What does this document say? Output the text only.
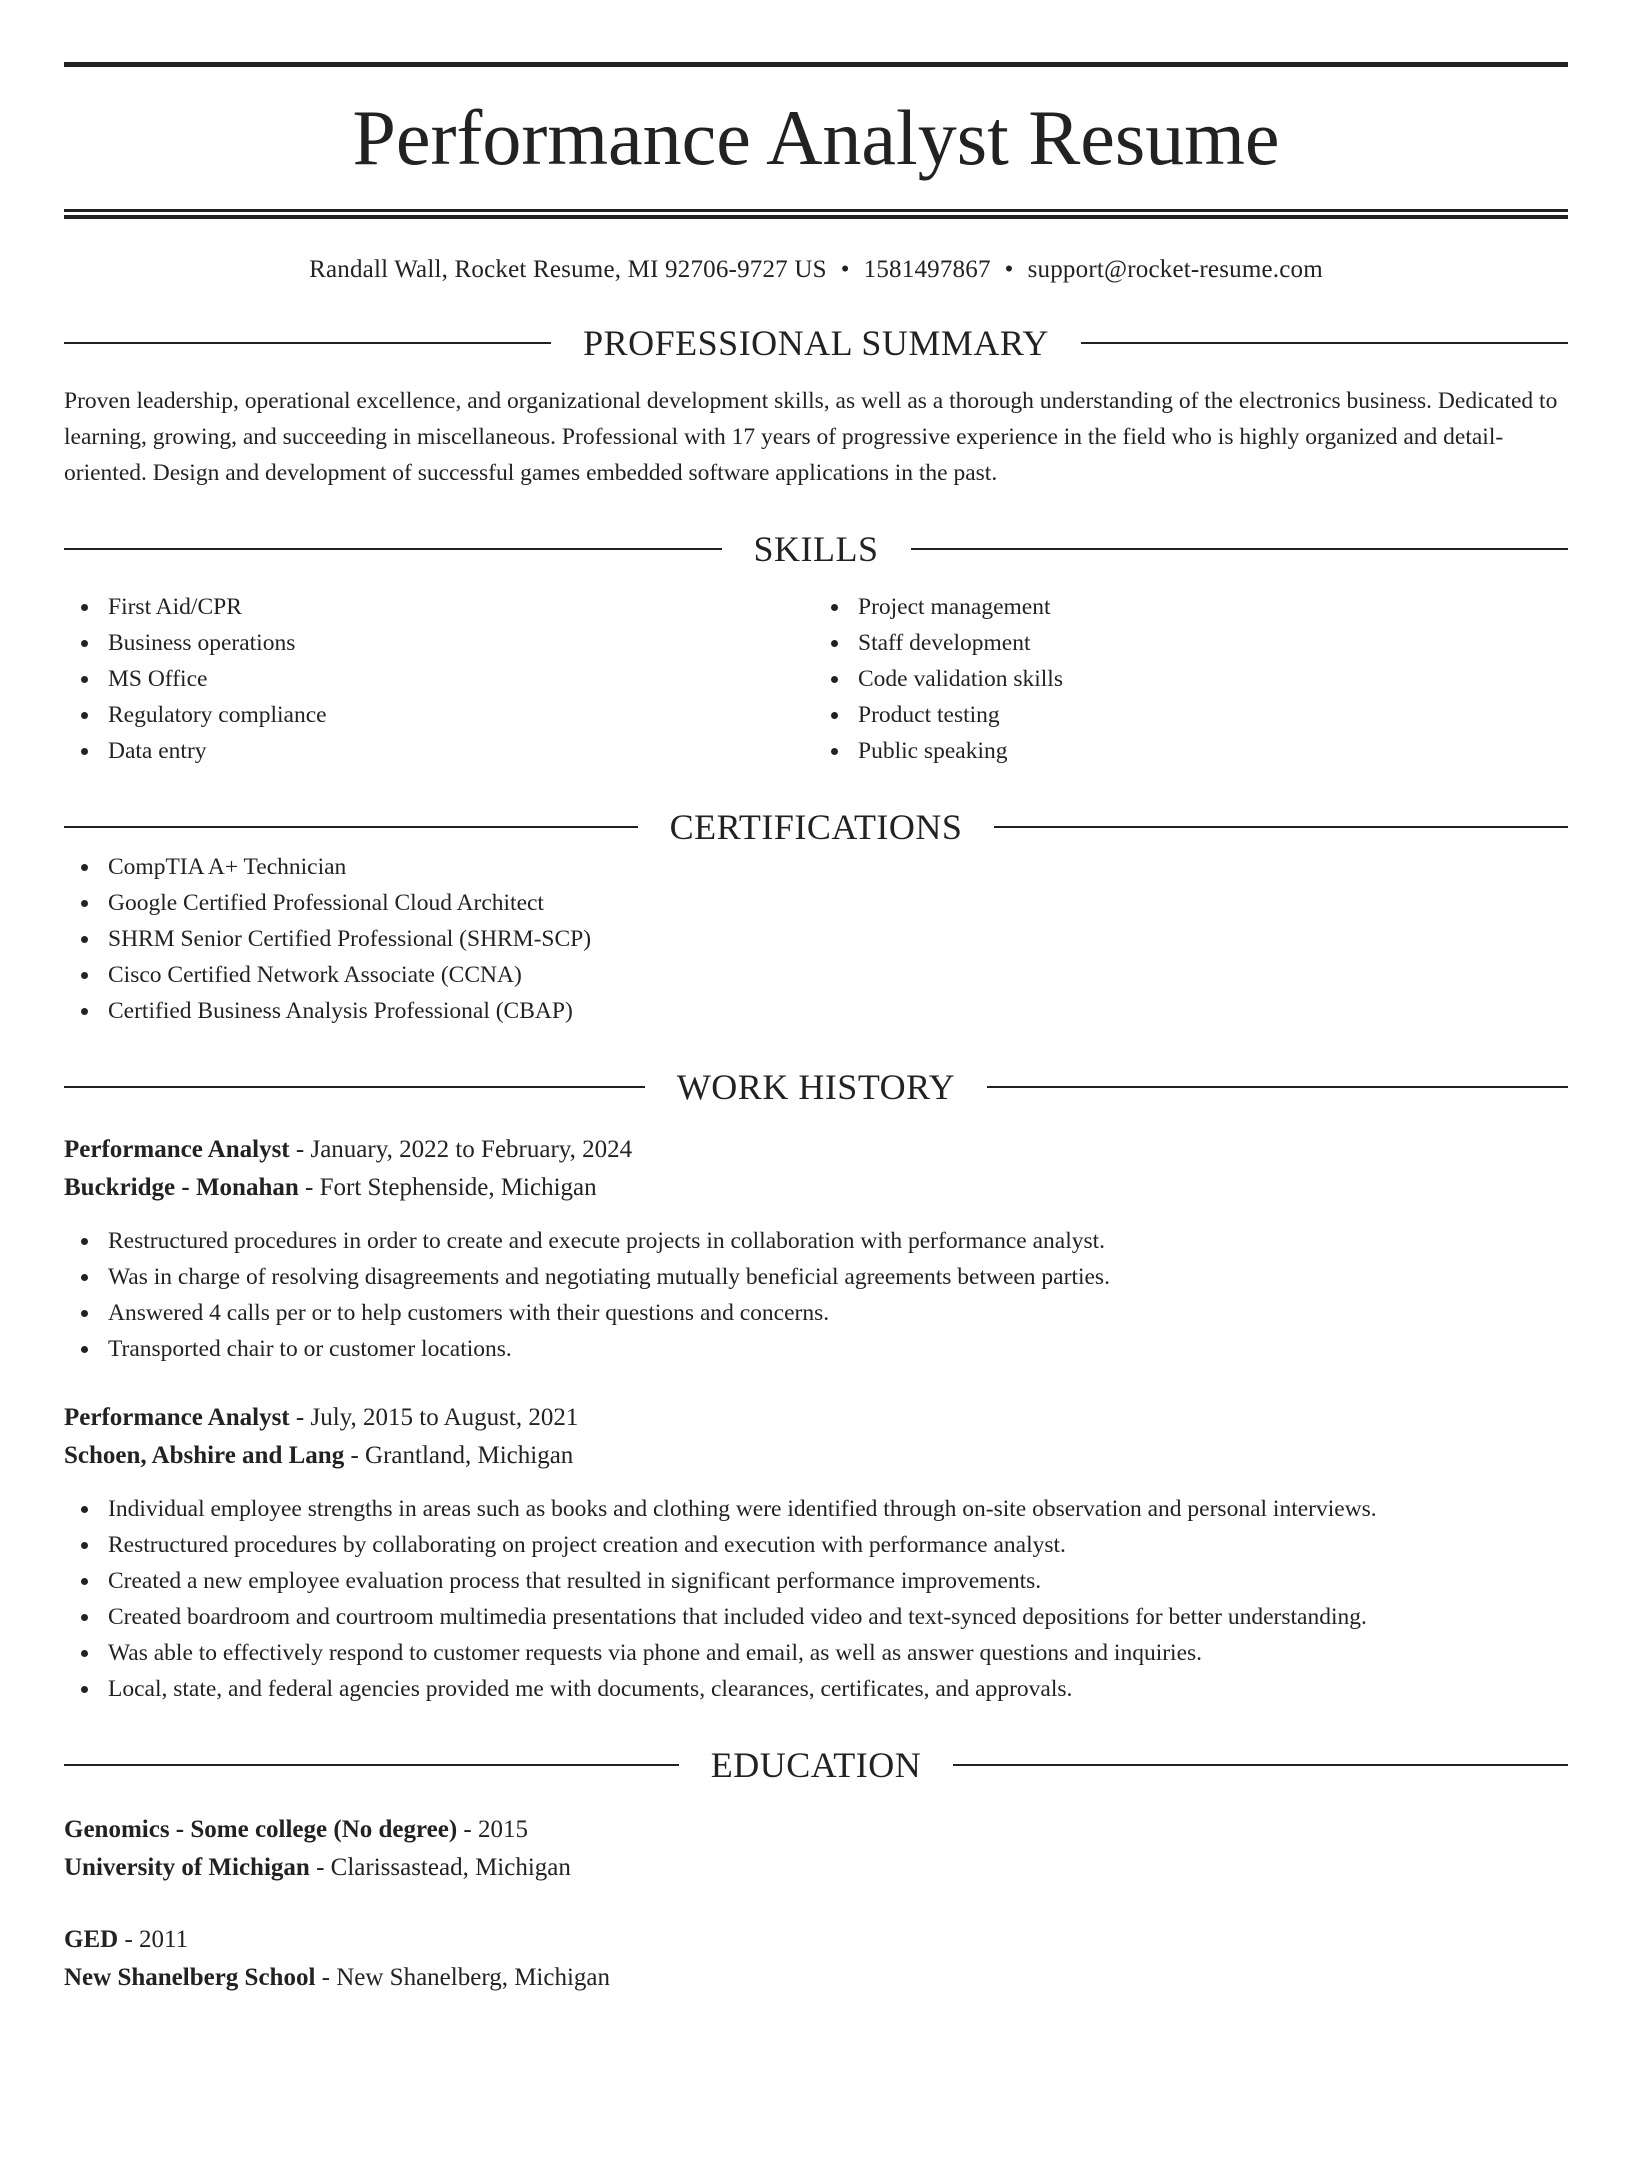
Performance Analyst Resume
Randall Wall, Rocket Resume, MI 92706-9727 US • 1581497867 • support@rocket-resume.com
PROFESSIONAL SUMMARY
Proven leadership, operational excellence, and organizational development skills, as well as a thorough understanding of the electronics business. Dedicated to learning, growing, and succeeding in miscellaneous. Professional with 17 years of progressive experience in the field who is highly organized and detail-oriented. Design and development of successful games embedded software applications in the past.
SKILLS
First Aid/CPR
Business operations
MS Office
Regulatory compliance
Data entry
Project management
Staff development
Code validation skills
Product testing
Public speaking
CERTIFICATIONS
CompTIA A+ Technician
Google Certified Professional Cloud Architect
SHRM Senior Certified Professional (SHRM-SCP)
Cisco Certified Network Associate (CCNA)
Certified Business Analysis Professional (CBAP)
WORK HISTORY
Performance Analyst - January, 2022 to February, 2024
Buckridge - Monahan - Fort Stephenside, Michigan
Restructured procedures in order to create and execute projects in collaboration with performance analyst.
Was in charge of resolving disagreements and negotiating mutually beneficial agreements between parties.
Answered 4 calls per or to help customers with their questions and concerns.
Transported chair to or customer locations.
Performance Analyst - July, 2015 to August, 2021
Schoen, Abshire and Lang - Grantland, Michigan
Individual employee strengths in areas such as books and clothing were identified through on-site observation and personal interviews.
Restructured procedures by collaborating on project creation and execution with performance analyst.
Created a new employee evaluation process that resulted in significant performance improvements.
Created boardroom and courtroom multimedia presentations that included video and text-synced depositions for better understanding.
Was able to effectively respond to customer requests via phone and email, as well as answer questions and inquiries.
Local, state, and federal agencies provided me with documents, clearances, certificates, and approvals.
EDUCATION
Genomics - Some college (No degree) - 2015
University of Michigan - Clarissastead, Michigan
GED - 2011
New Shanelberg School - New Shanelberg, Michigan
